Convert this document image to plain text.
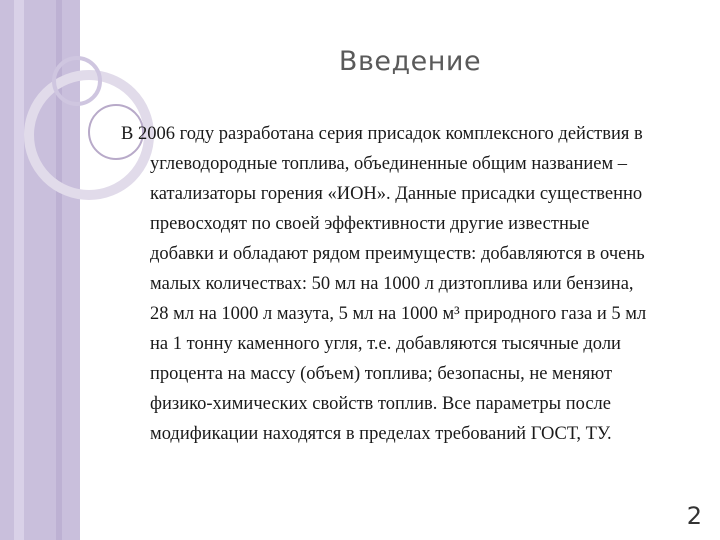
Введение
В 2006 году разработана серия присадок комплексного действия в
углеводородные топлива, объединенные общим названием –
катализаторы горения «ИОН». Данные присадки существенно
превосходят по своей эффективности другие известные
добавки и обладают рядом преимуществ: добавляются в очень
малых количествах: 50 мл на 1000 л дизтоплива или бензина,
28 мл на 1000 л мазута, 5 мл на 1000 м³ природного газа и 5 мл
на 1 тонну каменного угля, т.е. добавляются тысячные доли
процента на массу (объем) топлива; безопасны, не меняют
физико-химических свойств топлив. Все параметры после
модификации находятся в пределах требований ГОСТ, ТУ.
2
